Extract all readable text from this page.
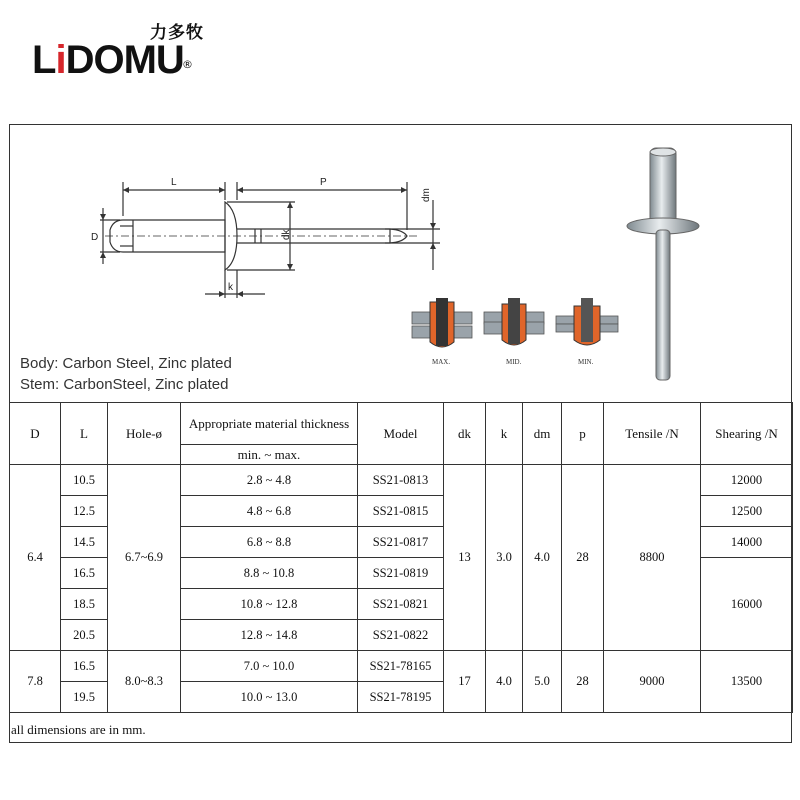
力多牧
LiDOMU
®
L	P
D	dk
dm
k
MAX.	MID.	MIN.
Body: Carbon Steel, Zinc plated
Stem: CarbonSteel, Zinc plated
D	L	Hole-ø	Appropriate material thickness	Model	dk	k	dm	p	Tensile /N	Shearing /N
			min. ~ max.							
6.4	10.5	6.7~6.9	2.8 ~ 4.8	SS21-0813	13	3.0	4.0	28	8800	12000
	12.5		4.8 ~ 6.8	SS21-0815						12500
	14.5		6.8 ~ 8.8	SS21-0817						14000
	16.5		8.8 ~ 10.8	SS21-0819						16000
	18.5		10.8 ~ 12.8	SS21-0821						
	20.5		12.8 ~ 14.8	SS21-0822						
7.8	16.5	8.0~8.3	7.0 ~ 10.0	SS21-78165	17	4.0	5.0	28	9000	13500
	19.5		10.0 ~ 13.0	SS21-78195						
all dimensions are in mm.
